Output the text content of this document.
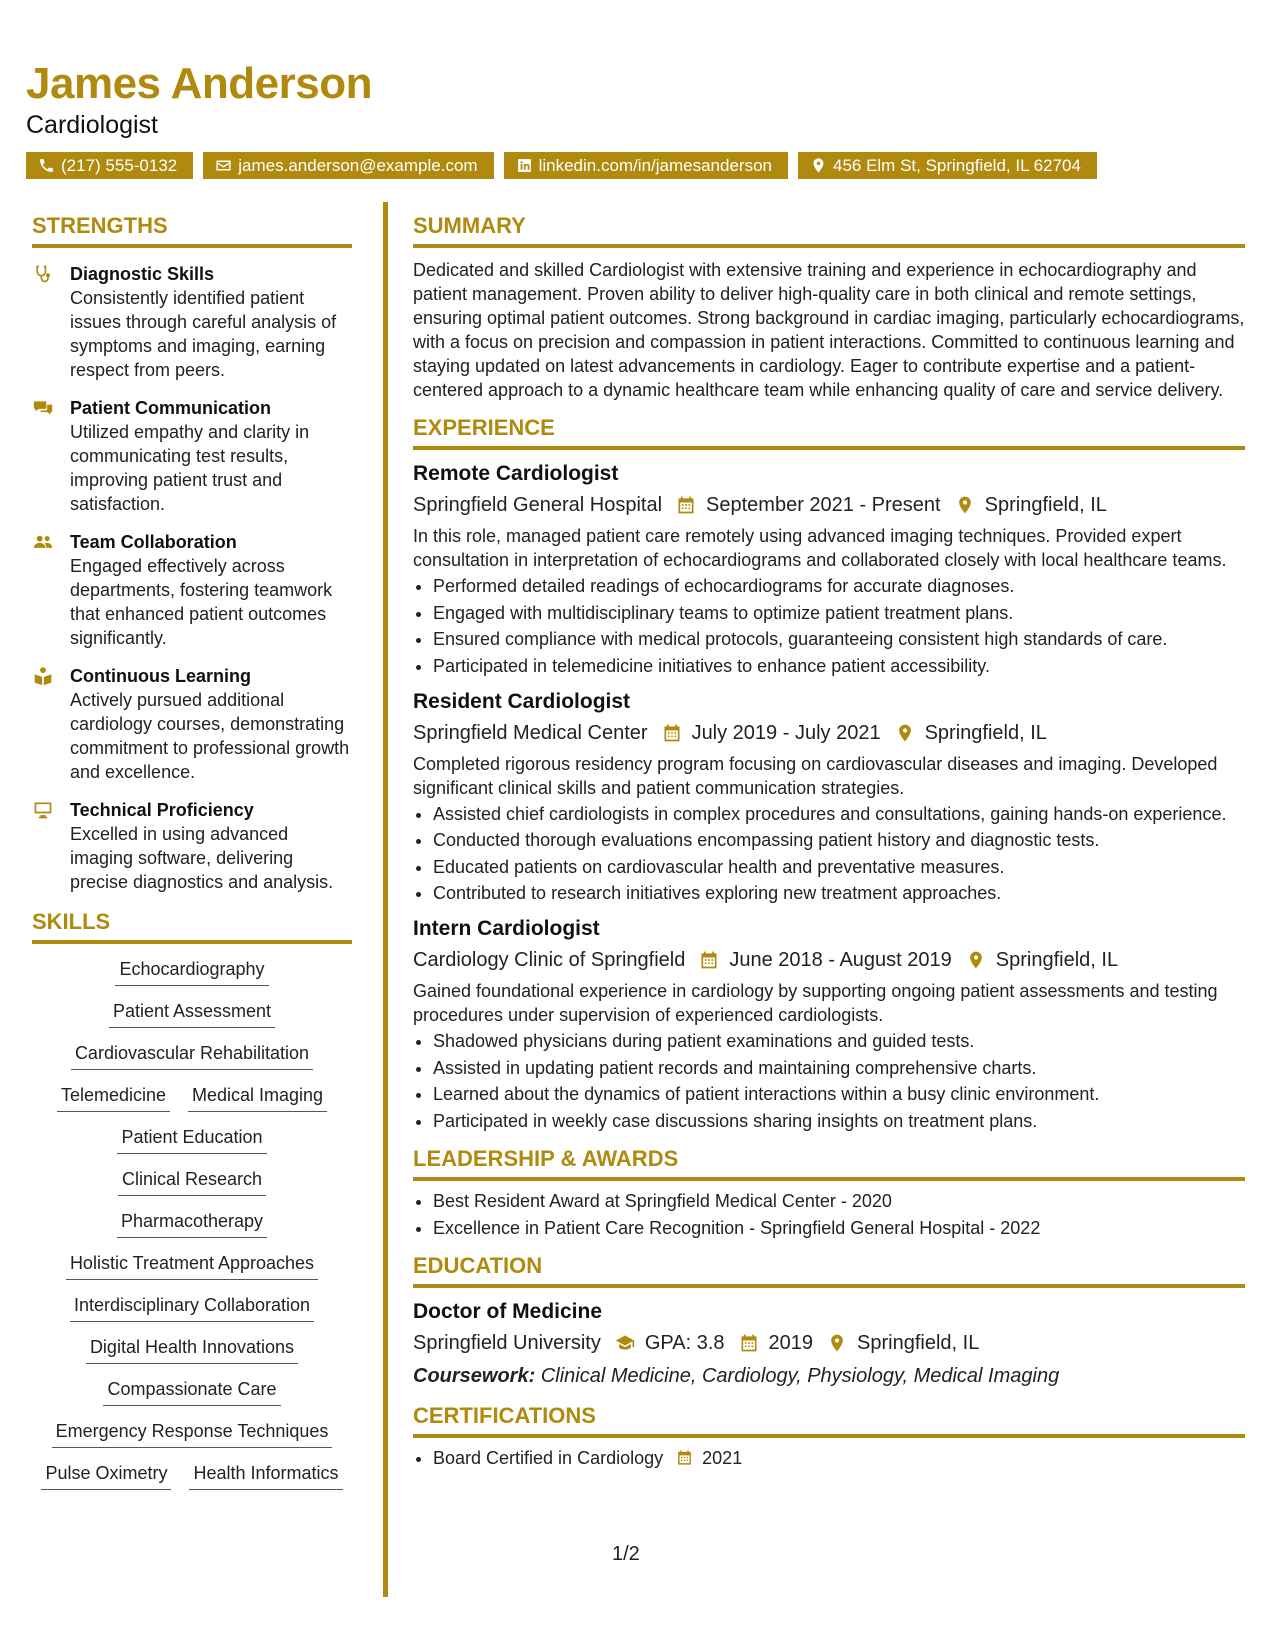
James Anderson
Cardiologist
(217) 555-0132	james.anderson@example.com	linkedin.com/in/jamesanderson	456 Elm St, Springfield, IL 62704
STRENGTHS
Diagnostic Skills
Consistently identified patient issues through careful analysis of symptoms and imaging, earning respect from peers.
Patient Communication
Utilized empathy and clarity in communicating test results, improving patient trust and satisfaction.
Team Collaboration
Engaged effectively across departments, fostering teamwork that enhanced patient outcomes significantly.
Continuous Learning
Actively pursued additional cardiology courses, demonstrating commitment to professional growth and excellence.
Technical Proficiency
Excelled in using advanced imaging software, delivering precise diagnostics and analysis.
SKILLS
Echocardiography
Patient Assessment
Cardiovascular Rehabilitation
Telemedicine Medical Imaging
Patient Education
Clinical Research
Pharmacotherapy
Holistic Treatment Approaches
Interdisciplinary Collaboration
Digital Health Innovations
Compassionate Care
Emergency Response Techniques
Pulse Oximetry Health Informatics
SUMMARY
Dedicated and skilled Cardiologist with extensive training and experience in echocardiography and patient management. Proven ability to deliver high-quality care in both clinical and remote settings, ensuring optimal patient outcomes. Strong background in cardiac imaging, particularly echocardiograms, with a focus on precision and compassion in patient interactions. Committed to continuous learning and staying updated on latest advancements in cardiology. Eager to contribute expertise and a patient-centered approach to a dynamic healthcare team while enhancing quality of care and service delivery.
EXPERIENCE
Remote Cardiologist
Springfield General Hospital September 2021 - Present Springfield, IL
In this role, managed patient care remotely using advanced imaging techniques. Provided expert consultation in interpretation of echocardiograms and collaborated closely with local healthcare teams.
• Performed detailed readings of echocardiograms for accurate diagnoses.
• Engaged with multidisciplinary teams to optimize patient treatment plans.
• Ensured compliance with medical protocols, guaranteeing consistent high standards of care.
• Participated in telemedicine initiatives to enhance patient accessibility.
Resident Cardiologist
Springfield Medical Center July 2019 - July 2021 Springfield, IL
Completed rigorous residency program focusing on cardiovascular diseases and imaging. Developed significant clinical skills and patient communication strategies.
• Assisted chief cardiologists in complex procedures and consultations, gaining hands-on experience.
• Conducted thorough evaluations encompassing patient history and diagnostic tests.
• Educated patients on cardiovascular health and preventative measures.
• Contributed to research initiatives exploring new treatment approaches.
Intern Cardiologist
Cardiology Clinic of Springfield June 2018 - August 2019 Springfield, IL
Gained foundational experience in cardiology by supporting ongoing patient assessments and testing procedures under supervision of experienced cardiologists.
• Shadowed physicians during patient examinations and guided tests.
• Assisted in updating patient records and maintaining comprehensive charts.
• Learned about the dynamics of patient interactions within a busy clinic environment.
• Participated in weekly case discussions sharing insights on treatment plans.
LEADERSHIP & AWARDS
• Best Resident Award at Springfield Medical Center - 2020
• Excellence in Patient Care Recognition - Springfield General Hospital - 2022
EDUCATION
Doctor of Medicine
Springfield University GPA: 3.8 2019 Springfield, IL
Coursework: Clinical Medicine, Cardiology, Physiology, Medical Imaging
CERTIFICATIONS
• Board Certified in Cardiology 2021
1/2
